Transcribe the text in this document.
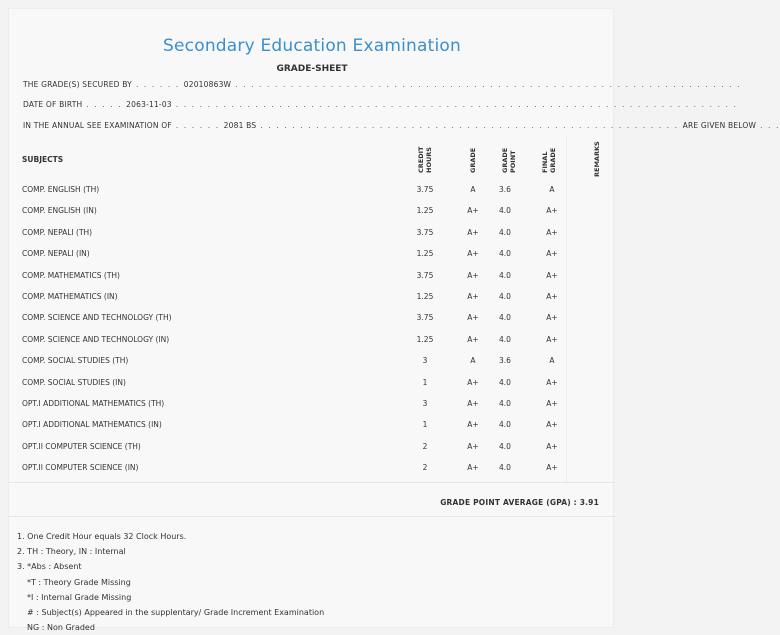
Secondary Education Examination
GRADE-SHEET
THE GRADE(S) SECURED BY . . . . . . 02010863W . . . . . . . . . . . . . . . . . . . . . . . . . . . . . . . . . . . . . . . . . . . . . . . . . . . . . . . . . . . . . . . .
DATE OF BIRTH . . . . . 2063-11-03 . . . . . . . . . . . . . . . . . . . . . . . . . . . . . . . . . . . . . . . . . . . . . . . . . . . . . . . . . . . . . . . . . . . . . . .
IN THE ANNUAL SEE EXAMINATION OF . . . . . . 2081 BS . . . . . . . . . . . . . . . . . . . . . . . . . . . . . . . . . . . . . . . . . . . . . . . . . . . . . ARE GIVEN BELOW . . .
SUBJECTS	CREDIT HOURS	GRADE	GRADE POINT	FINAL GRADE	REMARKS
COMP. ENGLISH (TH)	3.75	A	3.6	A
COMP. ENGLISH (IN)	1.25	A+	4.0	A+
COMP. NEPALI (TH)	3.75	A+	4.0	A+
COMP. NEPALI (IN)	1.25	A+	4.0	A+
COMP. MATHEMATICS (TH)	3.75	A+	4.0	A+
COMP. MATHEMATICS (IN)	1.25	A+	4.0	A+
COMP. SCIENCE AND TECHNOLOGY (TH)	3.75	A+	4.0	A+
COMP. SCIENCE AND TECHNOLOGY (IN)	1.25	A+	4.0	A+
COMP. SOCIAL STUDIES (TH)	3	A	3.6	A
COMP. SOCIAL STUDIES (IN)	1	A+	4.0	A+
OPT.I ADDITIONAL MATHEMATICS (TH)	3	A+	4.0	A+
OPT.I ADDITIONAL MATHEMATICS (IN)	1	A+	4.0	A+
OPT.II COMPUTER SCIENCE (TH)	2	A+	4.0	A+
OPT.II COMPUTER SCIENCE (IN)	2	A+	4.0	A+
GRADE POINT AVERAGE (GPA) : 3.91
1. One Credit Hour equals 32 Clock Hours.
2. TH : Theory, IN : Internal
3. *Abs : Absent
*T : Theory Grade Missing
*I : Internal Grade Missing
# : Subject(s) Appeared in the supplentary/ Grade Increment Examination
NG : Non Graded
